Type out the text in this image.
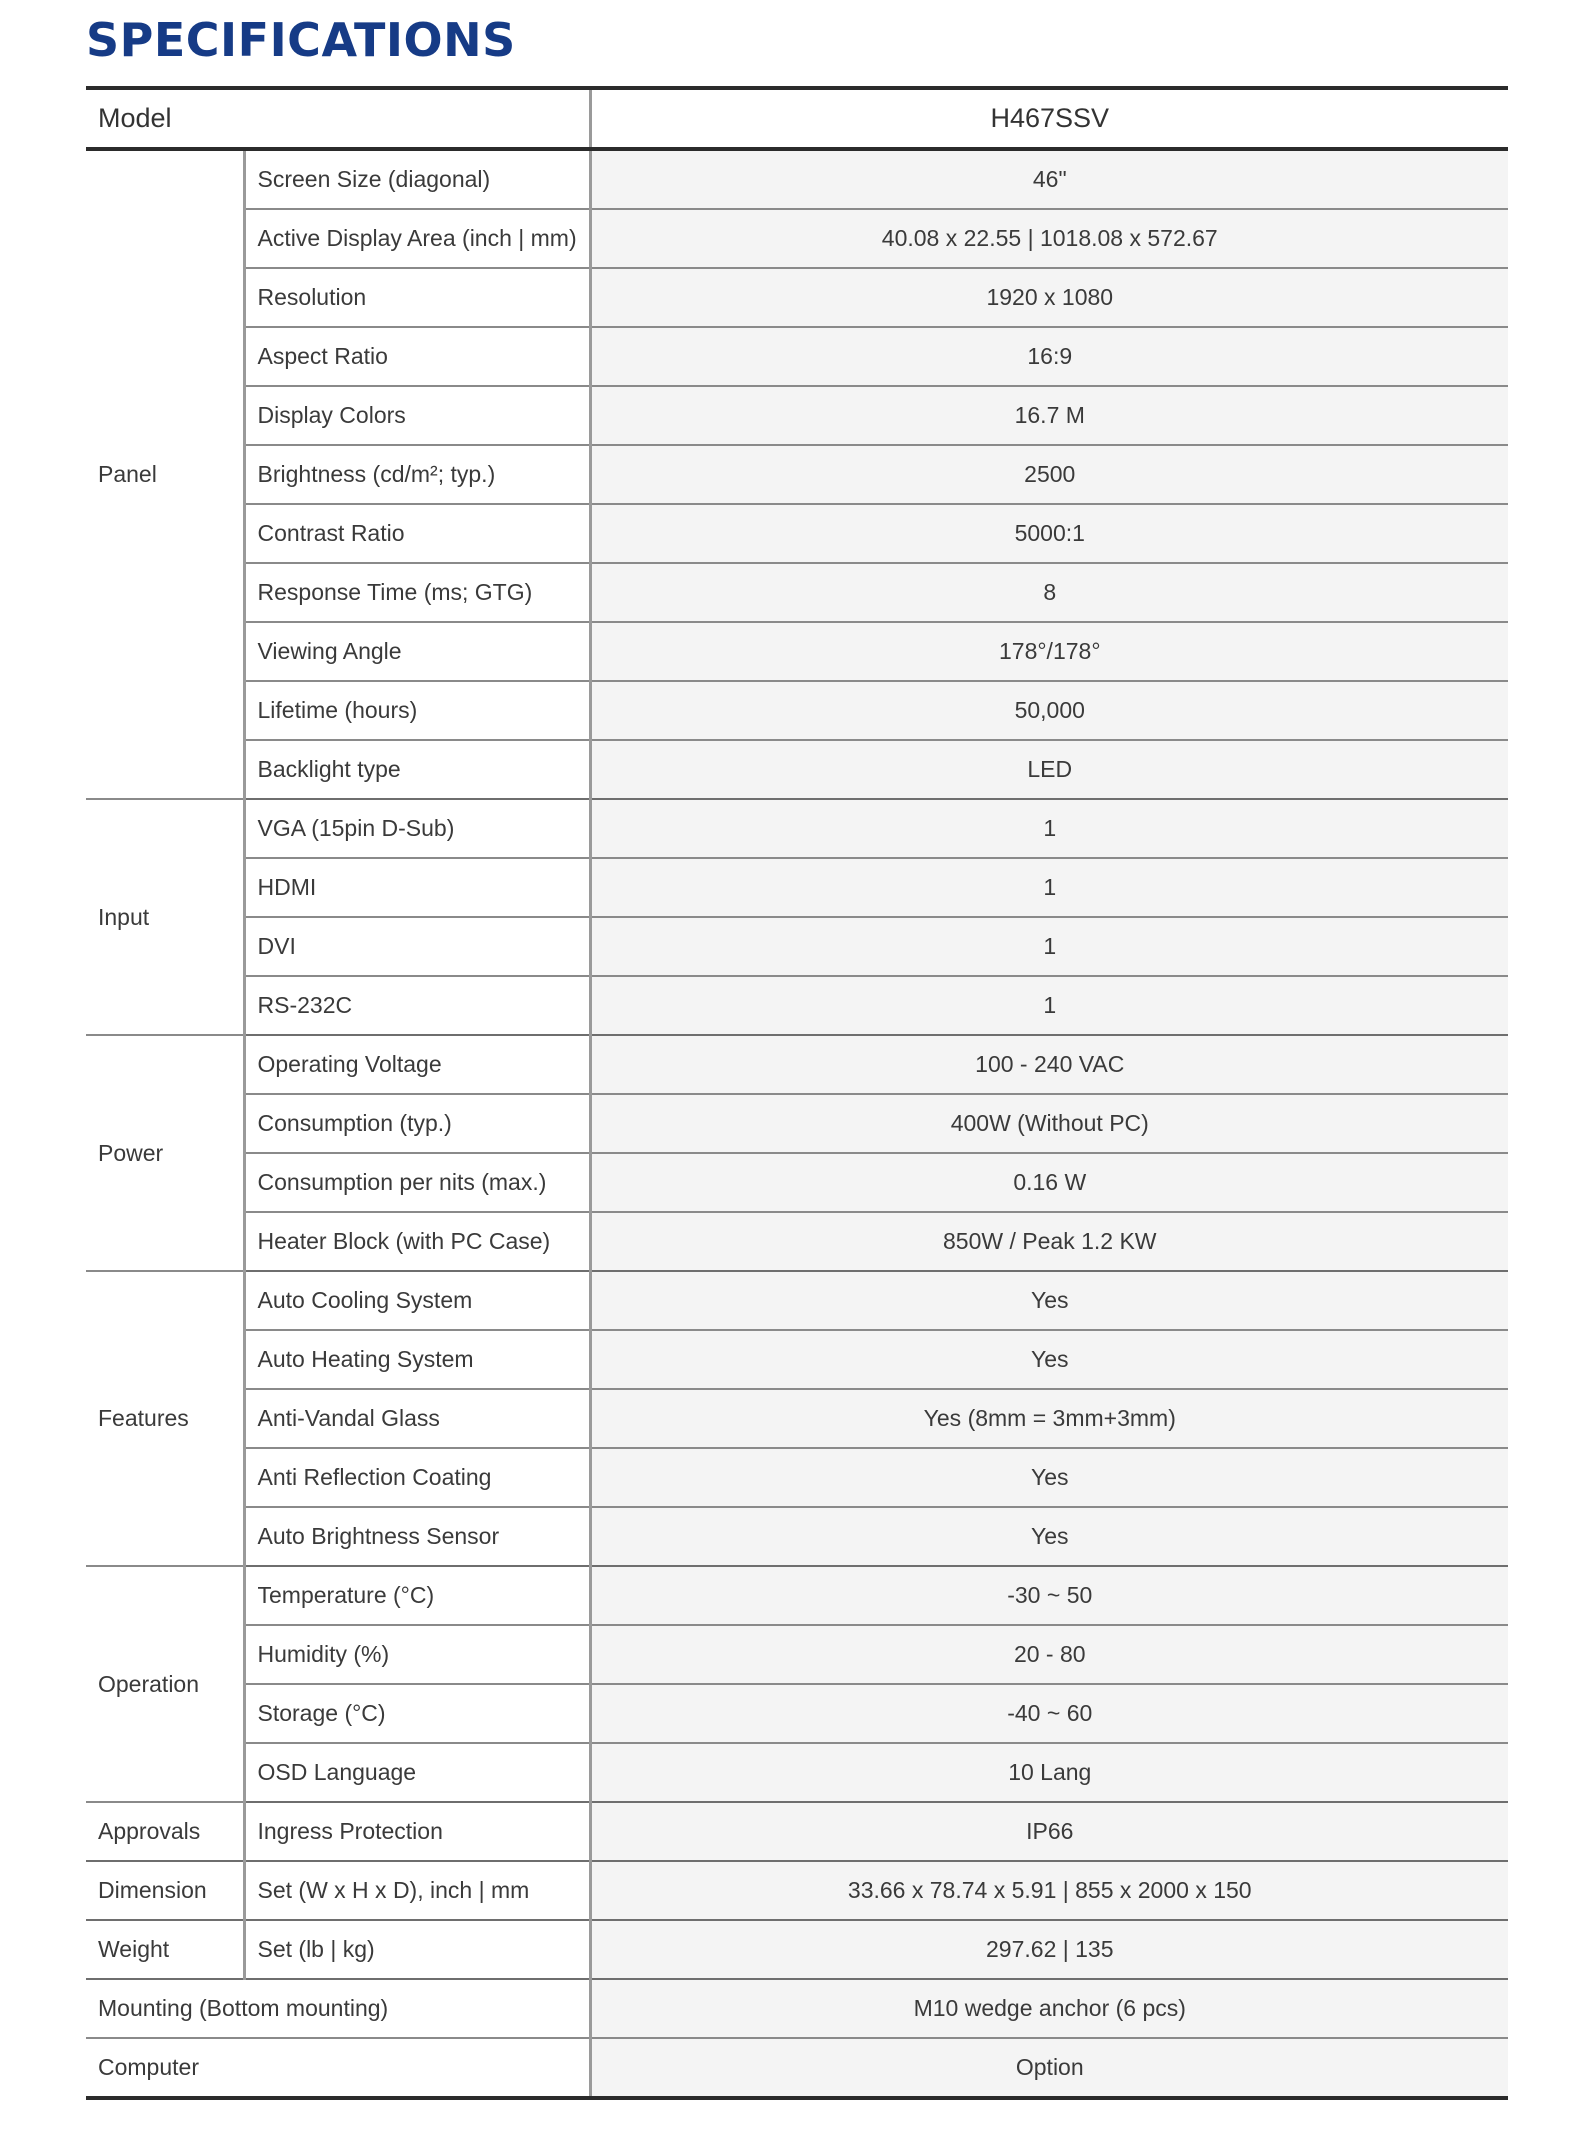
SPECIFICATIONS
Model		H467SSV
Panel	Screen Size (diagonal)	46"
	Active Display Area (inch | mm)	40.08 x 22.55 | 1018.08 x 572.67
	Resolution	1920 x 1080
	Aspect Ratio	16:9
	Display Colors	16.7 M
	Brightness (cd/m²; typ.)	2500
	Contrast Ratio	5000:1
	Response Time (ms; GTG)	8
	Viewing Angle	178°/178°
	Lifetime (hours)	50,000
	Backlight type	LED
Input	VGA (15pin D-Sub)	1
	HDMI	1
	DVI	1
	RS-232C	1
Power	Operating Voltage	100 - 240 VAC
	Consumption (typ.)	400W (Without PC)
	Consumption per nits (max.)	0.16 W
	Heater Block (with PC Case)	850W / Peak 1.2 KW
Features	Auto Cooling System	Yes
	Auto Heating System	Yes
	Anti-Vandal Glass	Yes (8mm = 3mm+3mm)
	Anti Reflection Coating	Yes
	Auto Brightness Sensor	Yes
Operation	Temperature (°C)	-30 ~ 50
	Humidity (%)	20 - 80
	Storage (°C)	-40 ~ 60
	OSD Language	10 Lang
Approvals	Ingress Protection	IP66
Dimension	Set (W x H x D), inch | mm	33.66 x 78.74 x 5.91 | 855 x 2000 x 150
Weight	Set (lb | kg)	297.62 | 135
Mounting (Bottom mounting)		M10 wedge anchor (6 pcs)
Computer		Option
